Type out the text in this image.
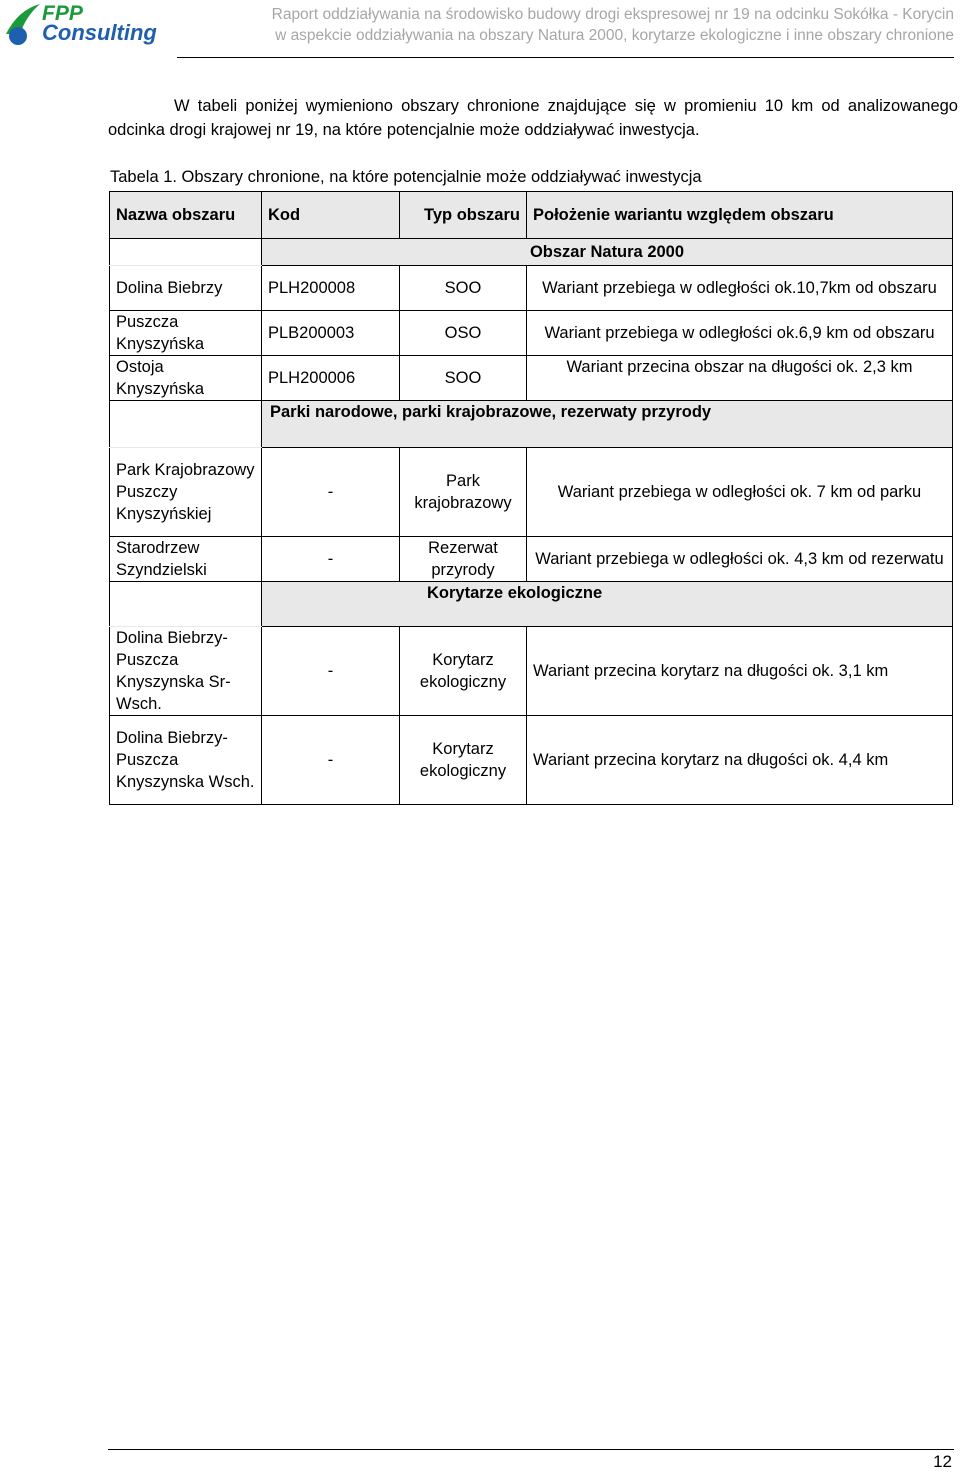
FPP
Consulting
Raport oddziaływania na środowisko budowy drogi ekspresowej nr 19 na odcinku Sokółka - Korycin
w aspekcie oddziaływania na obszary Natura 2000, korytarze ekologiczne i inne obszary chronione
W tabeli poniżej wymieniono obszary chronione znajdujące się w promieniu 10 km od analizowanego odcinka drogi krajowej nr 19, na które potencjalnie może oddziaływać inwestycja.
Tabela 1. Obszary chronione, na które potencjalnie może oddziaływać inwestycja
Nazwa obszaru	Kod	Typ obszaru	Położenie wariantu względem obszaru
	Obszar Natura 2000		
Dolina Biebrzy	PLH200008	SOO	Wariant przebiega w odległości ok.10,7km od obszaru
Puszcza Knyszyńska	PLB200003	OSO	Wariant przebiega w odległości ok.6,9 km od obszaru
Ostoja Knyszyńska	PLH200006	SOO	Wariant przecina obszar na długości ok. 2,3 km
	Parki narodowe, parki krajobrazowe, rezerwaty przyrody		
Park Krajobrazowy Puszczy Knyszyńskiej	-	Park krajobrazowy	Wariant przebiega w odległości ok. 7 km od parku
Starodrzew Szyndzielski	-	Rezerwat przyrody	Wariant przebiega w odległości ok. 4,3 km od rezerwatu
	Korytarze ekologiczne		
Dolina Biebrzy-Puszcza Knyszynska Sr-Wsch.	-	Korytarz ekologiczny	Wariant przecina korytarz na długości ok. 3,1 km
Dolina Biebrzy-Puszcza Knyszynska Wsch.	-	Korytarz ekologiczny	Wariant przecina korytarz na długości ok. 4,4 km
12
